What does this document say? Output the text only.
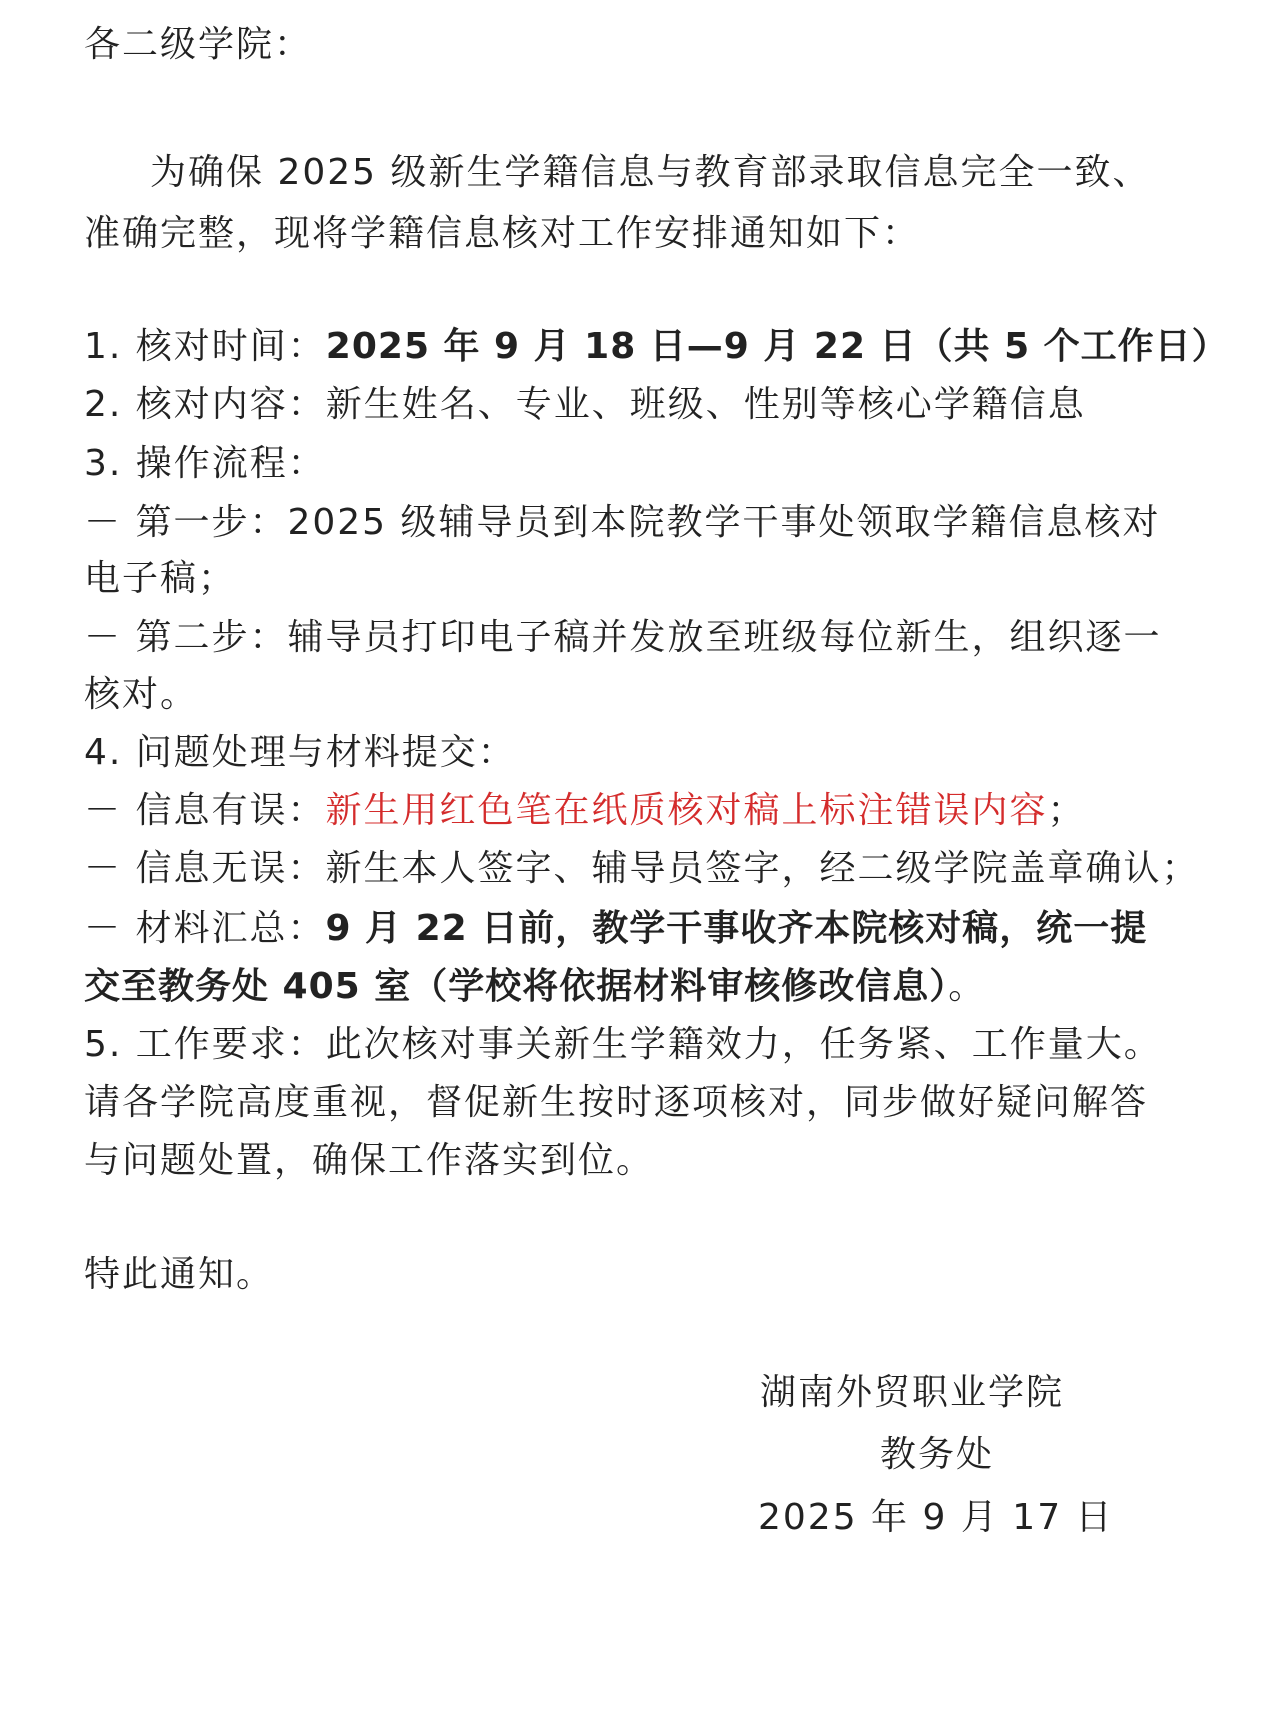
各二级学院：
为确保 2025 级新生学籍信息与教育部录取信息完全一致、
准确完整，现将学籍信息核对工作安排通知如下：
1. 核对时间：2025 年 9 月 18 日—9 月 22 日（共 5 个工作日）
2. 核对内容：新生姓名、专业、班级、性别等核心学籍信息
3. 操作流程：
－ 第一步：2025 级辅导员到本院教学干事处领取学籍信息核对
电子稿；
－ 第二步：辅导员打印电子稿并发放至班级每位新生，组织逐一
核对。
4. 问题处理与材料提交：
－ 信息有误：新生用红色笔在纸质核对稿上标注错误内容；
－ 信息无误：新生本人签字、辅导员签字，经二级学院盖章确认；
－ 材料汇总：9 月 22 日前，教学干事收齐本院核对稿，统一提
交至教务处 405 室（学校将依据材料审核修改信息）。
5. 工作要求：此次核对事关新生学籍效力，任务紧、工作量大。
请各学院高度重视，督促新生按时逐项核对，同步做好疑问解答
与问题处置，确保工作落实到位。
特此通知。
湖南外贸职业学院
教务处
2025 年 9 月 17 日
